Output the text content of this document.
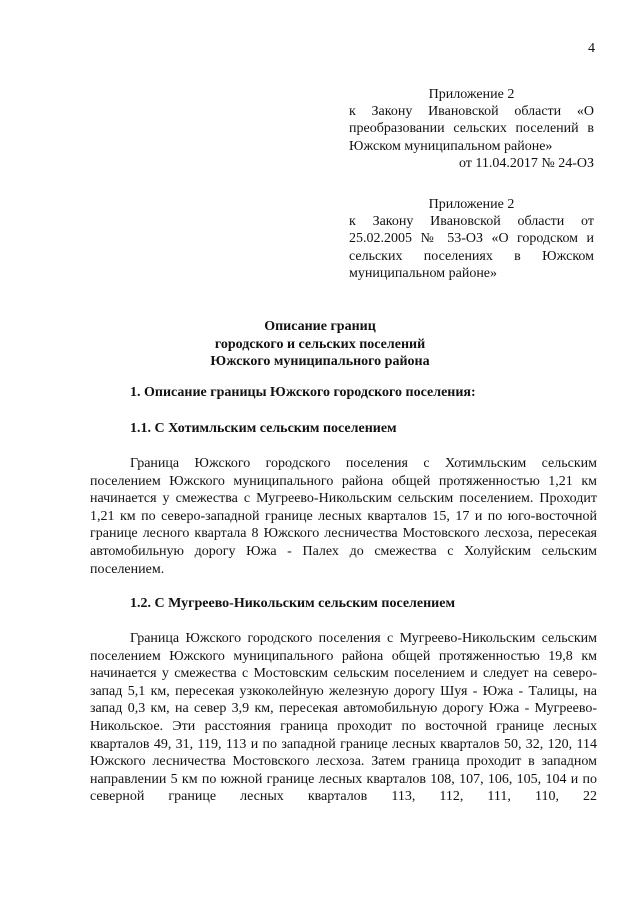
4
Приложение 2
к Закону Ивановской области «О преобразовании сельских поселений в Южском муниципальном районе»
от 11.04.2017 № 24-ОЗ
Приложение 2
к Закону Ивановской области от 25.02.2005 № 53-ОЗ «О городском и сельских поселениях в Южском муниципальном районе»
Описание границ
городского и сельских поселений
Южского муниципального района
1. Описание границы Южского городского поселения:
1.1. С Хотимльским сельским поселением

Граница Южского городского поселения с Хотимльским сельским поселением Южского муниципального района общей протяженностью 1,21 км начинается у смежества с Мугреево-Никольским сельским поселением. Проходит 1,21 км по северо-западной границе лесных кварталов 15, 17 и по юго-восточной границе лесного квартала 8 Южского лесничества Мостовского лесхоза, пересекая автомобильную дорогу Южа - Палех до смежества с Холуйским сельским поселением.

1.2. С Мугреево-Никольским сельским поселением

Граница Южского городского поселения с Мугреево-Никольским сельским поселением Южского муниципального района общей протяженностью 19,8 км начинается у смежества с Мостовским сельским поселением и следует на северо-запад 5,1 км, пересекая узкоколейную железную дорогу Шуя - Южа - Талицы, на запад 0,3 км, на север 3,9 км, пересекая автомобильную дорогу Южа - Мугреево-Никольское. Эти расстояния граница проходит по восточной границе лесных кварталов 49, 31, 119, 113 и по западной границе лесных кварталов 50, 32, 120, 114 Южского лесничества Мостовского лесхоза. Затем граница проходит в западном направлении 5 км по южной границе лесных кварталов 108, 107, 106, 105, 104 и по северной границе лесных кварталов 113, 112, 111, 110, 22
